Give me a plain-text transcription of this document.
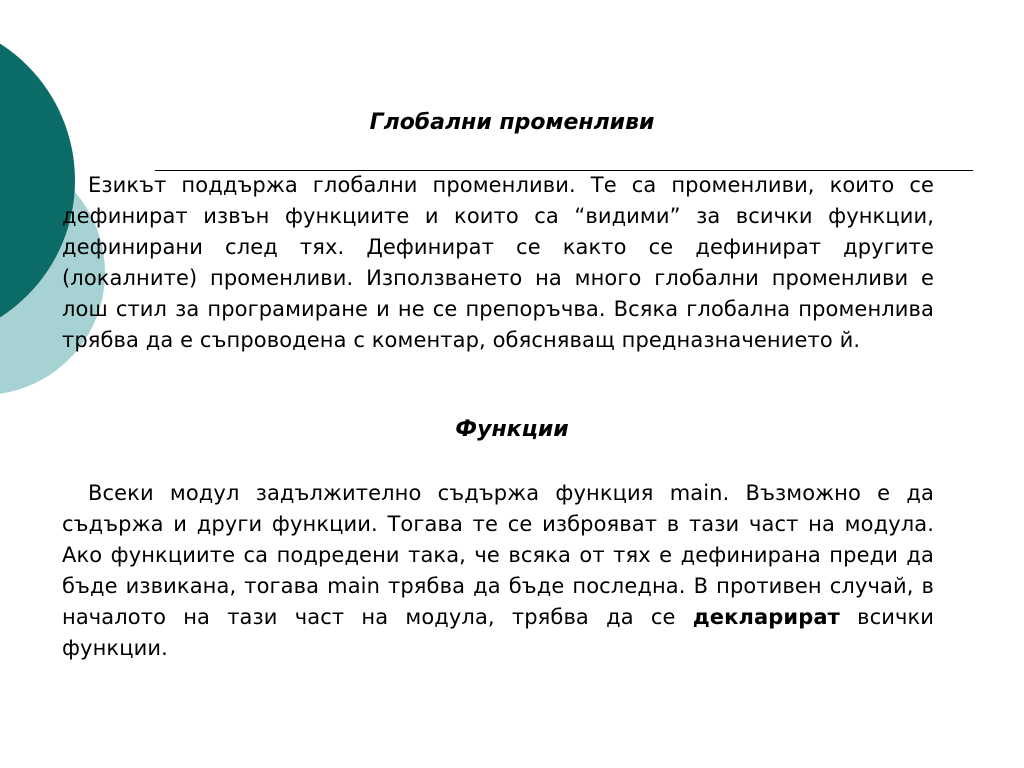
Глобални променливи

Езикът поддържа глобални променливи. Те са променливи, които се дефинират извън функциите и които са “видими” за всички функции, дефинирани след тях. Дефинират се както се дефинират другите (локалните) променливи. Използването на много глобални променливи е лош стил за програмиране и не се препоръчва. Всяка глобална променлива трябва да е съпроводена с коментар, обясняващ предназначението й.

Функции

Всеки модул задължително съдържа функция main. Възможно е да съдържа и други функции. Тогава те се изброяват в тази част на модула. Ако функциите са подредени така, че всяка от тях е дефинирана преди да бъде извикана, тогава main трябва да бъде последна. В противен случай, в началото на тази част на модула, трябва да се декларират всички функции.
